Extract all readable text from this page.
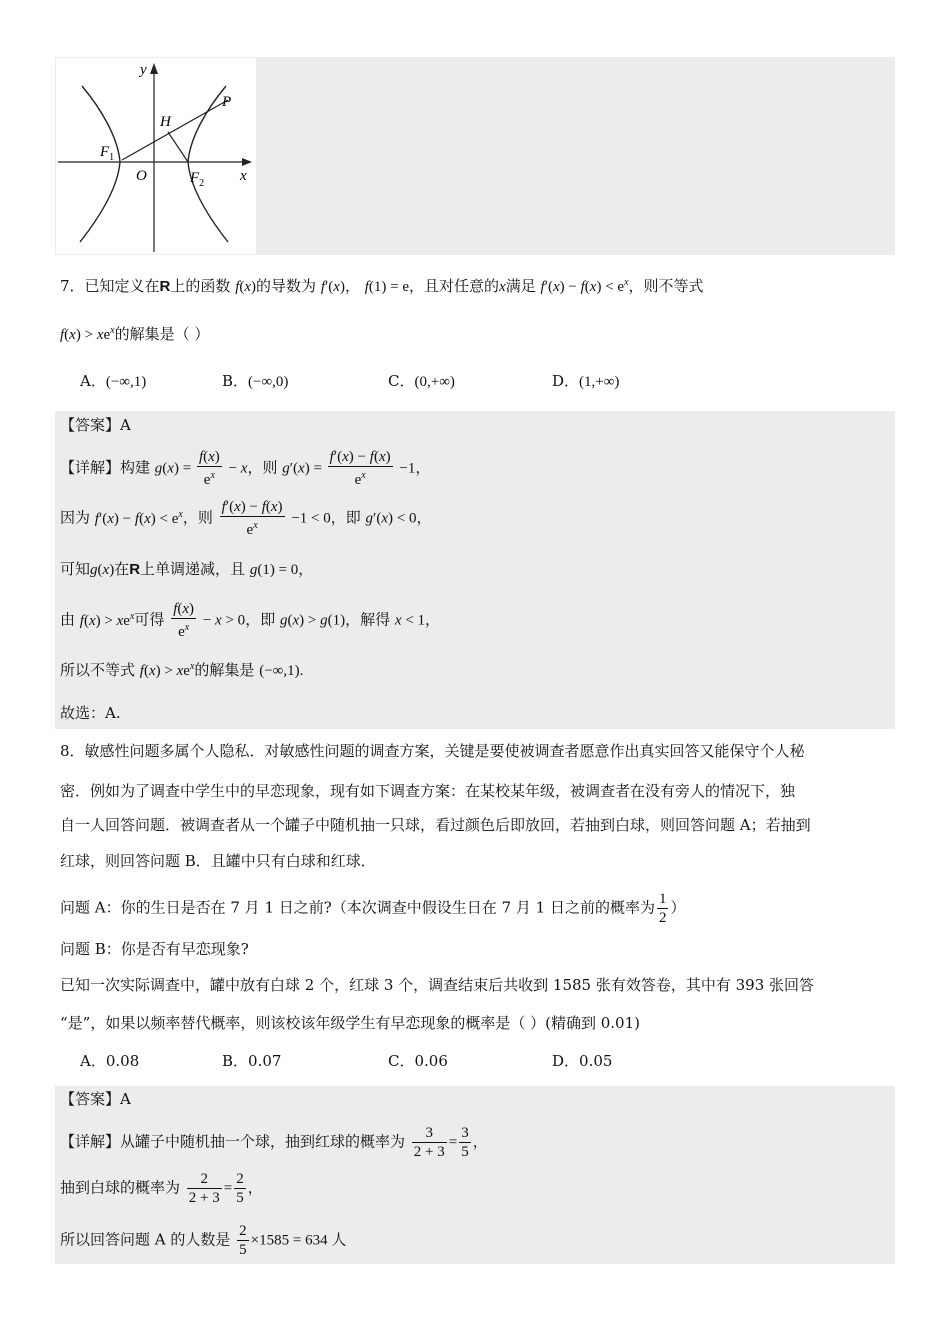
y
x
H
P
$F_1$
O	$F_2$
7．已知定义在R上的函数 f(x)的导数为 f′(x)， f(1) = e，且对任意的x满足 $f'(x) - f(x) < e^x$，则不等式
$f(x) > xe^x$的解集是（ ）
A．(−∞,1)	B．(−∞,0)	C．(0,+∞)	D．(1,+∞)
【答案】A
【详解】构建 $g(x) = \frac{f(x)}{e^x} - x$，则 $g'(x) = \frac{f'(x) - f(x)}{e^x} -1$，
因为 $f'(x) - f(x) < e^x$，则 $\frac{f'(x) - f(x)}{e^x} -1 < 0$，即 g′(x) < 0，
可知g(x)在R上单调递减，且 g(1) = 0，
由 $f(x) > xe^x$可得 $\frac{f(x)}{e^x} - x > 0$，即 g(x) > g(1)，解得 x < 1，
所以不等式 $f(x) > xe^x$的解集是 (−∞,1).
故选：A.
8．敏感性问题多属个人隐私．对敏感性问题的调查方案，关键是要使被调查者愿意作出真实回答又能保守个人秘
密．例如为了调查中学生中的早恋现象，现有如下调查方案：在某校某年级，被调查者在没有旁人的情况下，独
自一人回答问题．被调查者从一个罐子中随机抽一只球，看过颜色后即放回，若抽到白球，则回答问题 A；若抽到
红球，则回答问题 B．且罐中只有白球和红球．
问题 A：你的生日是否在 7 月 1 日之前?（本次调查中假设生日在 7 月 1 日之前的概率为 $\frac{1}{2}$ ）
问题 B：你是否有早恋现象?
已知一次实际调查中，罐中放有白球 2 个，红球 3 个，调查结束后共收到 1585 张有效答卷，其中有 393 张回答
“是”，如果以频率替代概率，则该校该年级学生有早恋现象的概率是（ ）(精确到 0.01)
A．0.08	B．0.07	C．0.06	D．0.05
【答案】A
【详解】从罐子中随机抽一个球，抽到红球的概率为 $\frac{3}{2 + 3} = \frac{3}{5}$ ，
抽到白球的概率为 $\frac{2}{2 + 3} = \frac{2}{5}$ ，
所以回答问题 A 的人数是 $\frac{2}{5} \times 1585 = 634$ 人
